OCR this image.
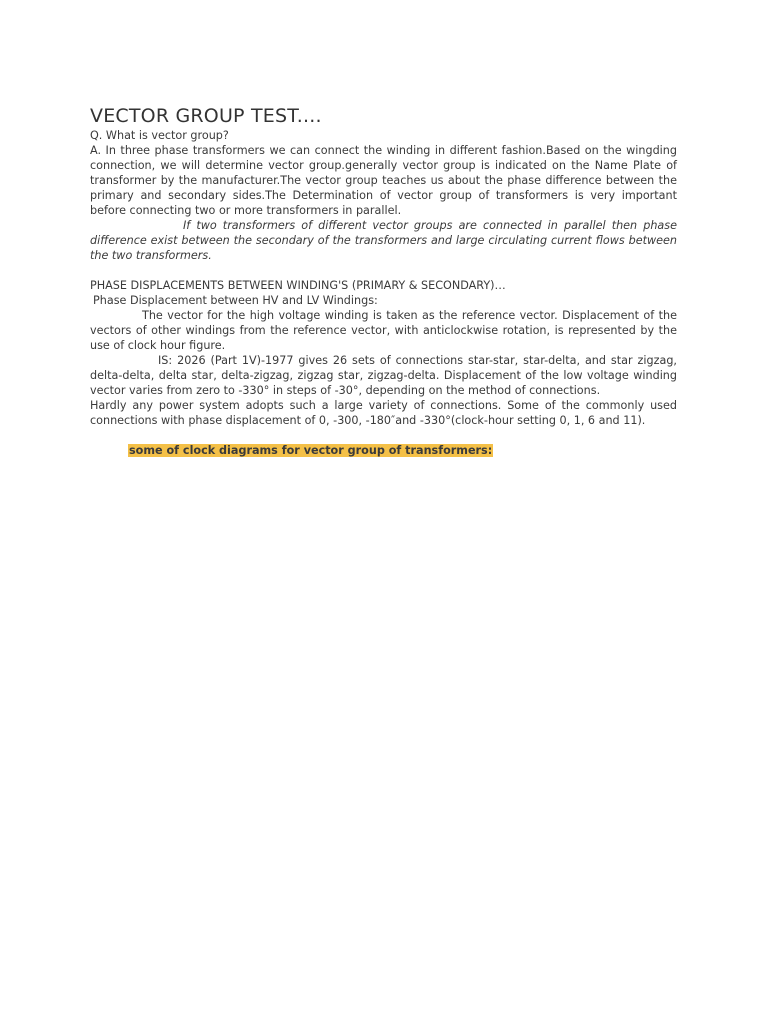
VECTOR GROUP TEST....

Q. What is vector group?

A. In three phase transformers we can connect the winding in different fashion.Based on the wingding connection, we will determine vector group.generally vector group is indicated on the Name Plate of transformer by the manufacturer.The vector group teaches us about the phase difference between the primary and secondary sides.The Determination of vector group of transformers is very important before connecting two or more transformers in parallel.

If two transformers of different vector groups are connected in parallel then phase difference exist between the secondary of the transformers and large circulating current flows between the two transformers.

PHASE DISPLACEMENTS BETWEEN WINDING'S (PRIMARY & SECONDARY)…

Phase Displacement between HV and LV Windings:

The vector for the high voltage winding is taken as the reference vector. Displacement of the vectors of other windings from the reference vector, with anticlockwise rotation, is represented by the use of clock hour figure.

IS: 2026 (Part 1V)-1977 gives 26 sets of connections star-star, star-delta, and star zigzag, delta-delta, delta star, delta-zigzag, zigzag star, zigzag-delta. Displacement of the low voltage winding vector varies from zero to -330° in steps of -30°, depending on the method of connections.

Hardly any power system adopts such a large variety of connections. Some of the commonly used connections with phase displacement of 0, -300, -180″and -330°(clock-hour setting 0, 1, 6 and 11).

some of clock diagrams for vector group of transformers:
